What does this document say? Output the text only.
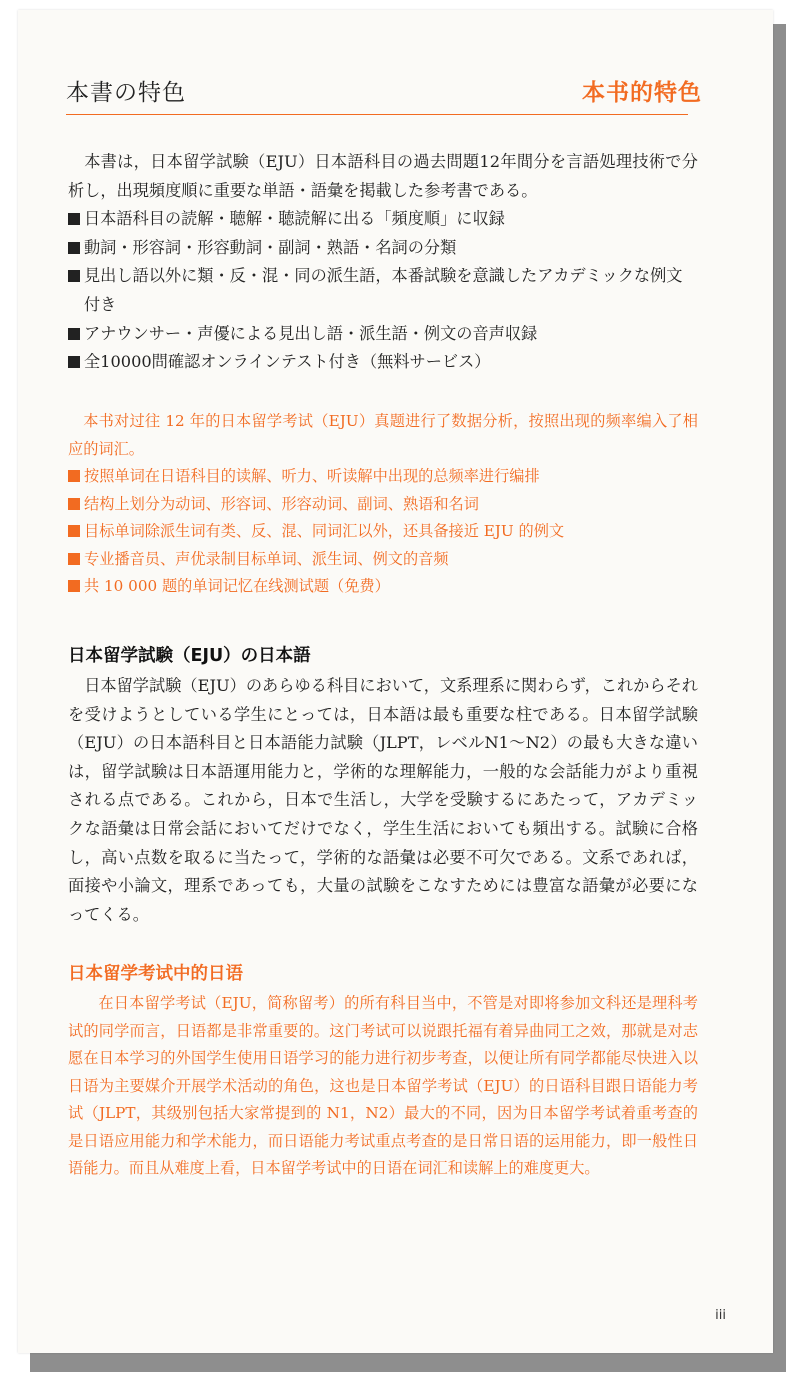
本書の特色	本书的特色

本書は，日本留学試験（EJU）日本語科目の過去問題12年間分を言語処理技術で分析し，出現頻度順に重要な単語・語彙を掲載した参考書である。

日本語科目の読解・聴解・聴読解に出る「頻度順」に収録
動詞・形容詞・形容動詞・副詞・熟語・名詞の分類
見出し語以外に類・反・混・同の派生語，本番試験を意識したアカデミックな例文付き
アナウンサー・声優による見出し語・派生語・例文の音声収録
全10000問確認オンラインテスト付き（無料サービス）

本书对过往 12 年的日本留学考试（EJU）真题进行了数据分析，按照出现的频率编入了相应的词汇。

按照单词在日语科目的读解、听力、听读解中出现的总频率进行编排
结构上划分为动词、形容词、形容动词、副词、熟语和名词
目标单词除派生词有类、反、混、同词汇以外，还具备接近 EJU 的例文
专业播音员、声优录制目标单词、派生词、例文的音频
共 10 000 题的单词记忆在线测试题（免费）
日本留学試験（EJU）の日本語

日本留学試験（EJU）のあらゆる科目において，文系理系に関わらず，これからそれを受けようとしている学生にとっては，日本語は最も重要な柱である。日本留学試験（EJU）の日本語科目と日本語能力試験（JLPT，レベルN1～N2）の最も大きな違いは，留学試験は日本語運用能力と，学術的な理解能力，一般的な会話能力がより重視される点である。これから，日本で生活し，大学を受験するにあたって，アカデミックな語彙は日常会話においてだけでなく，学生生活においても頻出する。試験に合格し，高い点数を取るに当たって，学術的な語彙は必要不可欠である。文系であれば，面接や小論文，理系であっても，大量の試験をこなすためには豊富な語彙が必要になってくる。

日本留学考试中的日语

在日本留学考试（EJU，简称留考）的所有科目当中，不管是对即将参加文科还是理科考试的同学而言，日语都是非常重要的。这门考试可以说跟托福有着异曲同工之效，那就是对志愿在日本学习的外国学生使用日语学习的能力进行初步考查，以便让所有同学都能尽快进入以日语为主要媒介开展学术活动的角色，这也是日本留学考试（EJU）的日语科目跟日语能力考试（JLPT，其级别包括大家常提到的 N1，N2）最大的不同，因为日本留学考试着重考查的是日语应用能力和学术能力，而日语能力考试重点考查的是日常日语的运用能力，即一般性日语能力。而且从难度上看，日本留学考试中的日语在词汇和读解上的难度更大。

iii
